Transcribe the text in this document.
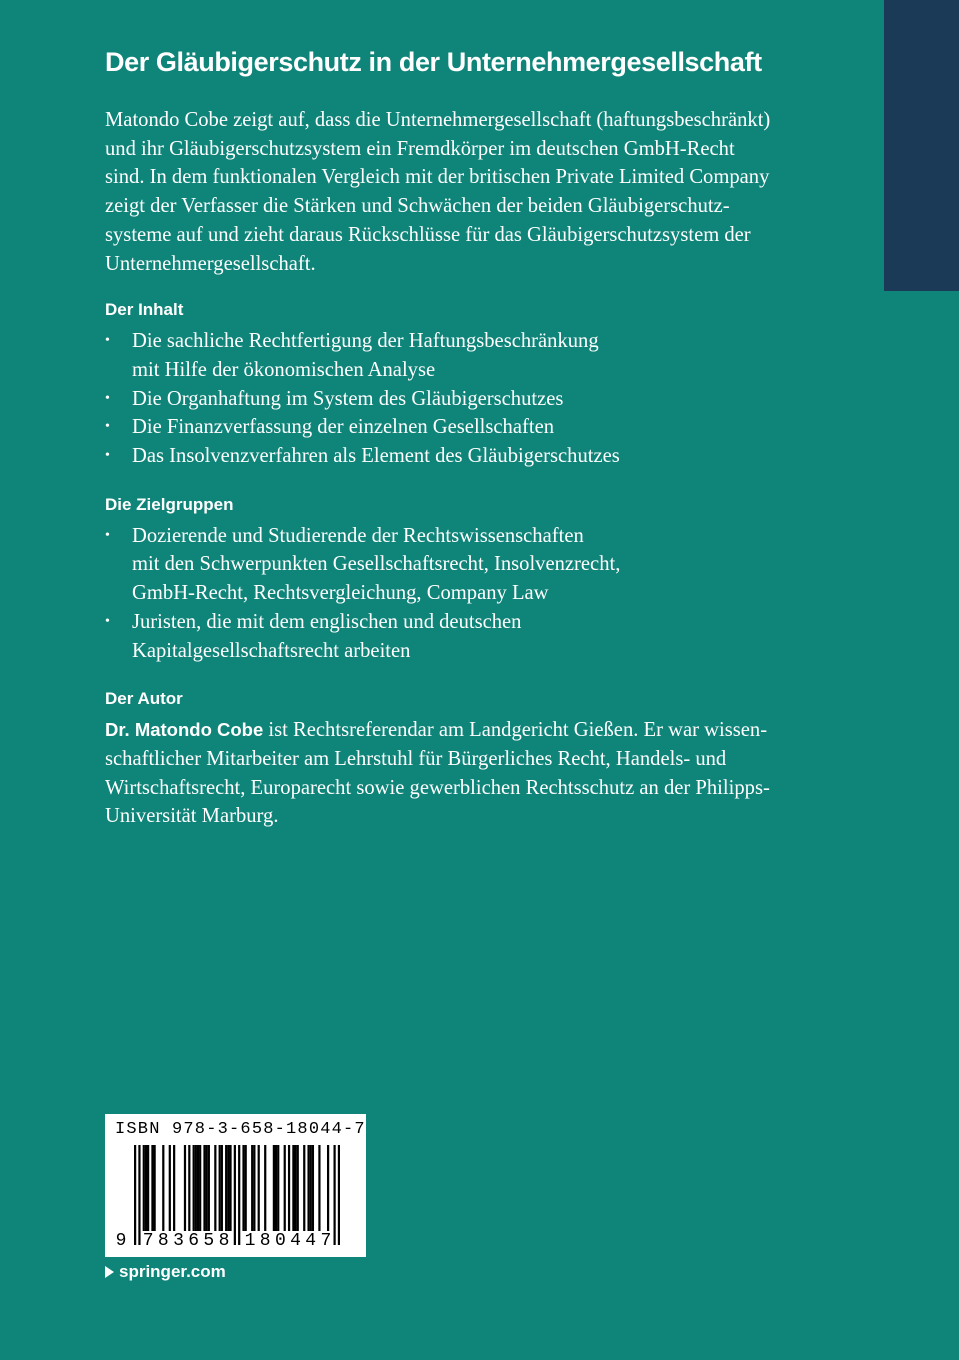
Der Gläubigerschutz in der Unternehmergesellschaft

Matondo Cobe zeigt auf, dass die Unternehmergesellschaft (haftungsbeschränkt)
und ihr Gläubigerschutzsystem ein Fremdkörper im deutschen GmbH-Recht
sind. In dem funktionalen Vergleich mit der britischen Private Limited Company
zeigt der Verfasser die Stärken und Schwächen der beiden Gläubigerschutz-
systeme auf und zieht daraus Rückschlüsse für das Gläubigerschutzsystem der
Unternehmergesellschaft.

Der Inhalt
• Die sachliche Rechtfertigung der Haftungsbeschränkung
mit Hilfe der ökonomischen Analyse
• Die Organhaftung im System des Gläubigerschutzes
• Die Finanzverfassung der einzelnen Gesellschaften
• Das Insolvenzverfahren als Element des Gläubigerschutzes
Die Zielgruppen
• Dozierende und Studierende der Rechtswissenschaften
mit den Schwerpunkten Gesellschaftsrecht, Insolvenzrecht,
GmbH-Recht, Rechtsvergleichung, Company Law
• Juristen, die mit dem englischen und deutschen
Kapitalgesellschaftsrecht arbeiten
Der Autor

Dr. Matondo Cobe ist Rechtsreferendar am Landgericht Gießen. Er war wissen-
schaftlicher Mitarbeiter am Lehrstuhl für Bürgerliches Recht, Handels- und
Wirtschaftsrecht, Europarecht sowie gewerblichen Rechtsschutz an der Philipps-
Universität Marburg.

ISBN 978-3-658-18044-7
9 7 8 3 6 5 8 1 8 0 4 4 7
springer.com
